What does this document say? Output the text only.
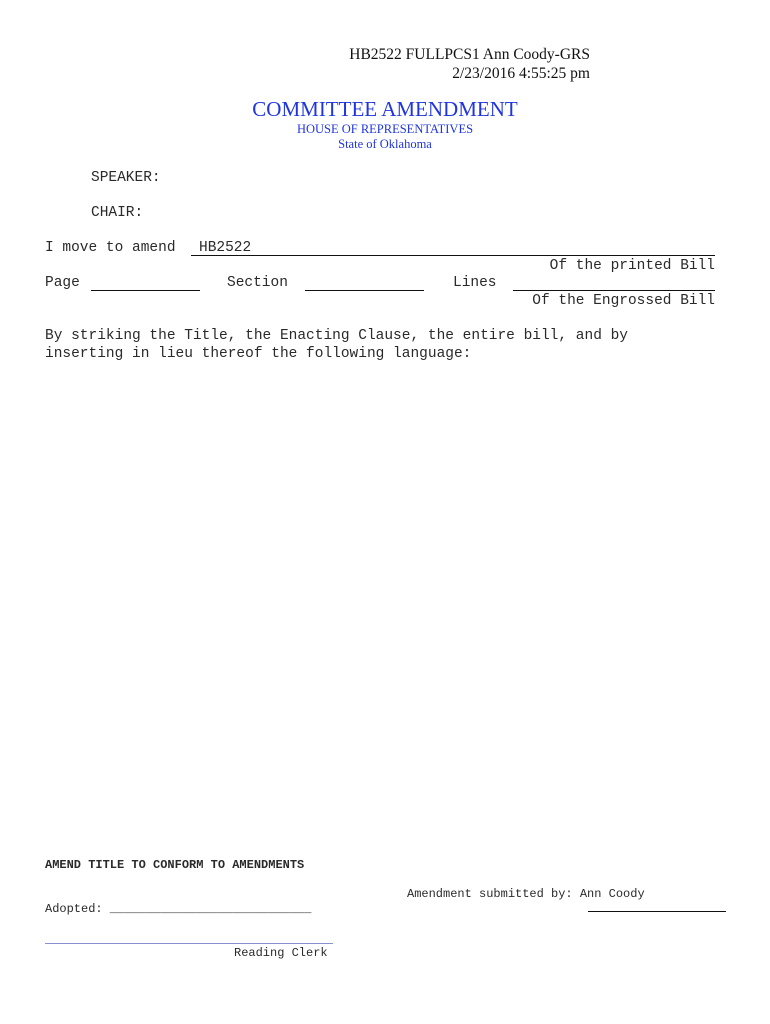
HB2522 FULLPCS1 Ann Coody-GRS
2/23/2016 4:55:25 pm
COMMITTEE AMENDMENT
HOUSE OF REPRESENTATIVES
State of Oklahoma
SPEAKER:
CHAIR:
I move to amend HB2522
Of the printed Bill
Page	Section	Lines
Of the Engrossed Bill
By striking the Title, the Enacting Clause, the entire bill, and by
inserting in lieu thereof the following language:
AMEND TITLE TO CONFORM TO AMENDMENTS
Amendment submitted by: Ann Coody
Adopted: ____________________________
Reading Clerk
